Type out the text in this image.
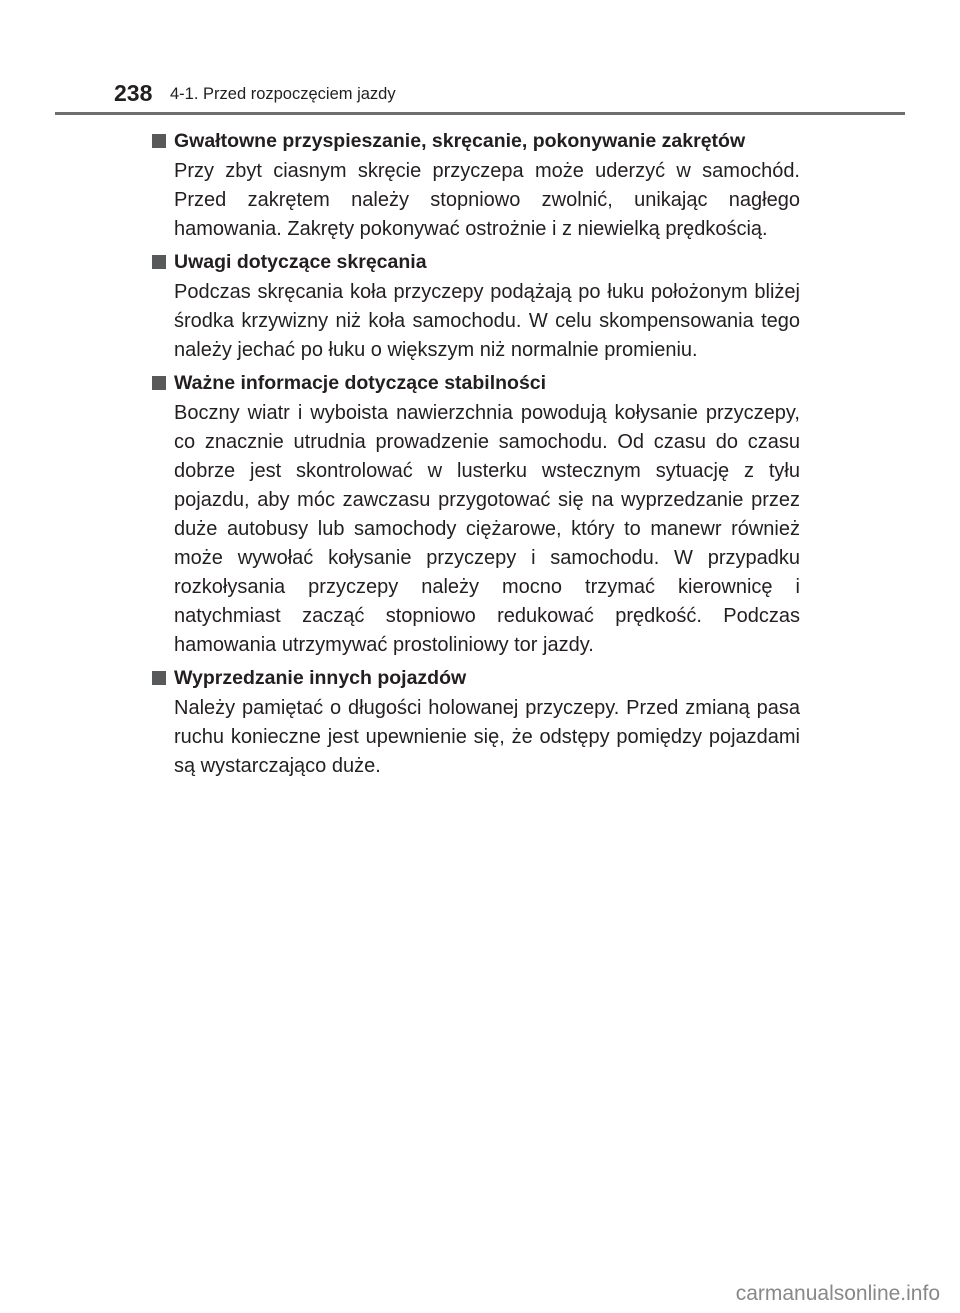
238 4-1. Przed rozpoczęciem jazdy
Gwałtowne przyspieszanie, skręcanie, pokonywanie zakrętów
Przy zbyt ciasnym skręcie przyczepa może uderzyć w samochód. Przed zakrętem należy stopniowo zwolnić, unikając nagłego hamowania. Zakręty pokonywać ostrożnie i z niewielką prędkością.
Uwagi dotyczące skręcania
Podczas skręcania koła przyczepy podążają po łuku położonym bliżej środka krzywizny niż koła samochodu. W celu skompensowania tego należy jechać po łuku o większym niż normalnie promieniu.
Ważne informacje dotyczące stabilności
Boczny wiatr i wyboista nawierzchnia powodują kołysanie przyczepy, co znacznie utrudnia prowadzenie samochodu. Od czasu do czasu dobrze jest skontrolować w lusterku wstecznym sytuację z tyłu pojazdu, aby móc zawczasu przygotować się na wyprzedzanie przez duże autobusy lub samochody ciężarowe, który to manewr również może wywołać kołysanie przyczepy i samochodu. W przypadku rozkołysania przyczepy należy mocno trzymać kierownicę i natychmiast zacząć stopniowo redukować prędkość. Podczas hamowania utrzymywać prostoliniowy tor jazdy.
Wyprzedzanie innych pojazdów
Należy pamiętać o długości holowanej przyczepy. Przed zmianą pasa ruchu konieczne jest upewnienie się, że odstępy pomiędzy pojazdami są wystarczająco duże.
carmanualsonline.info
